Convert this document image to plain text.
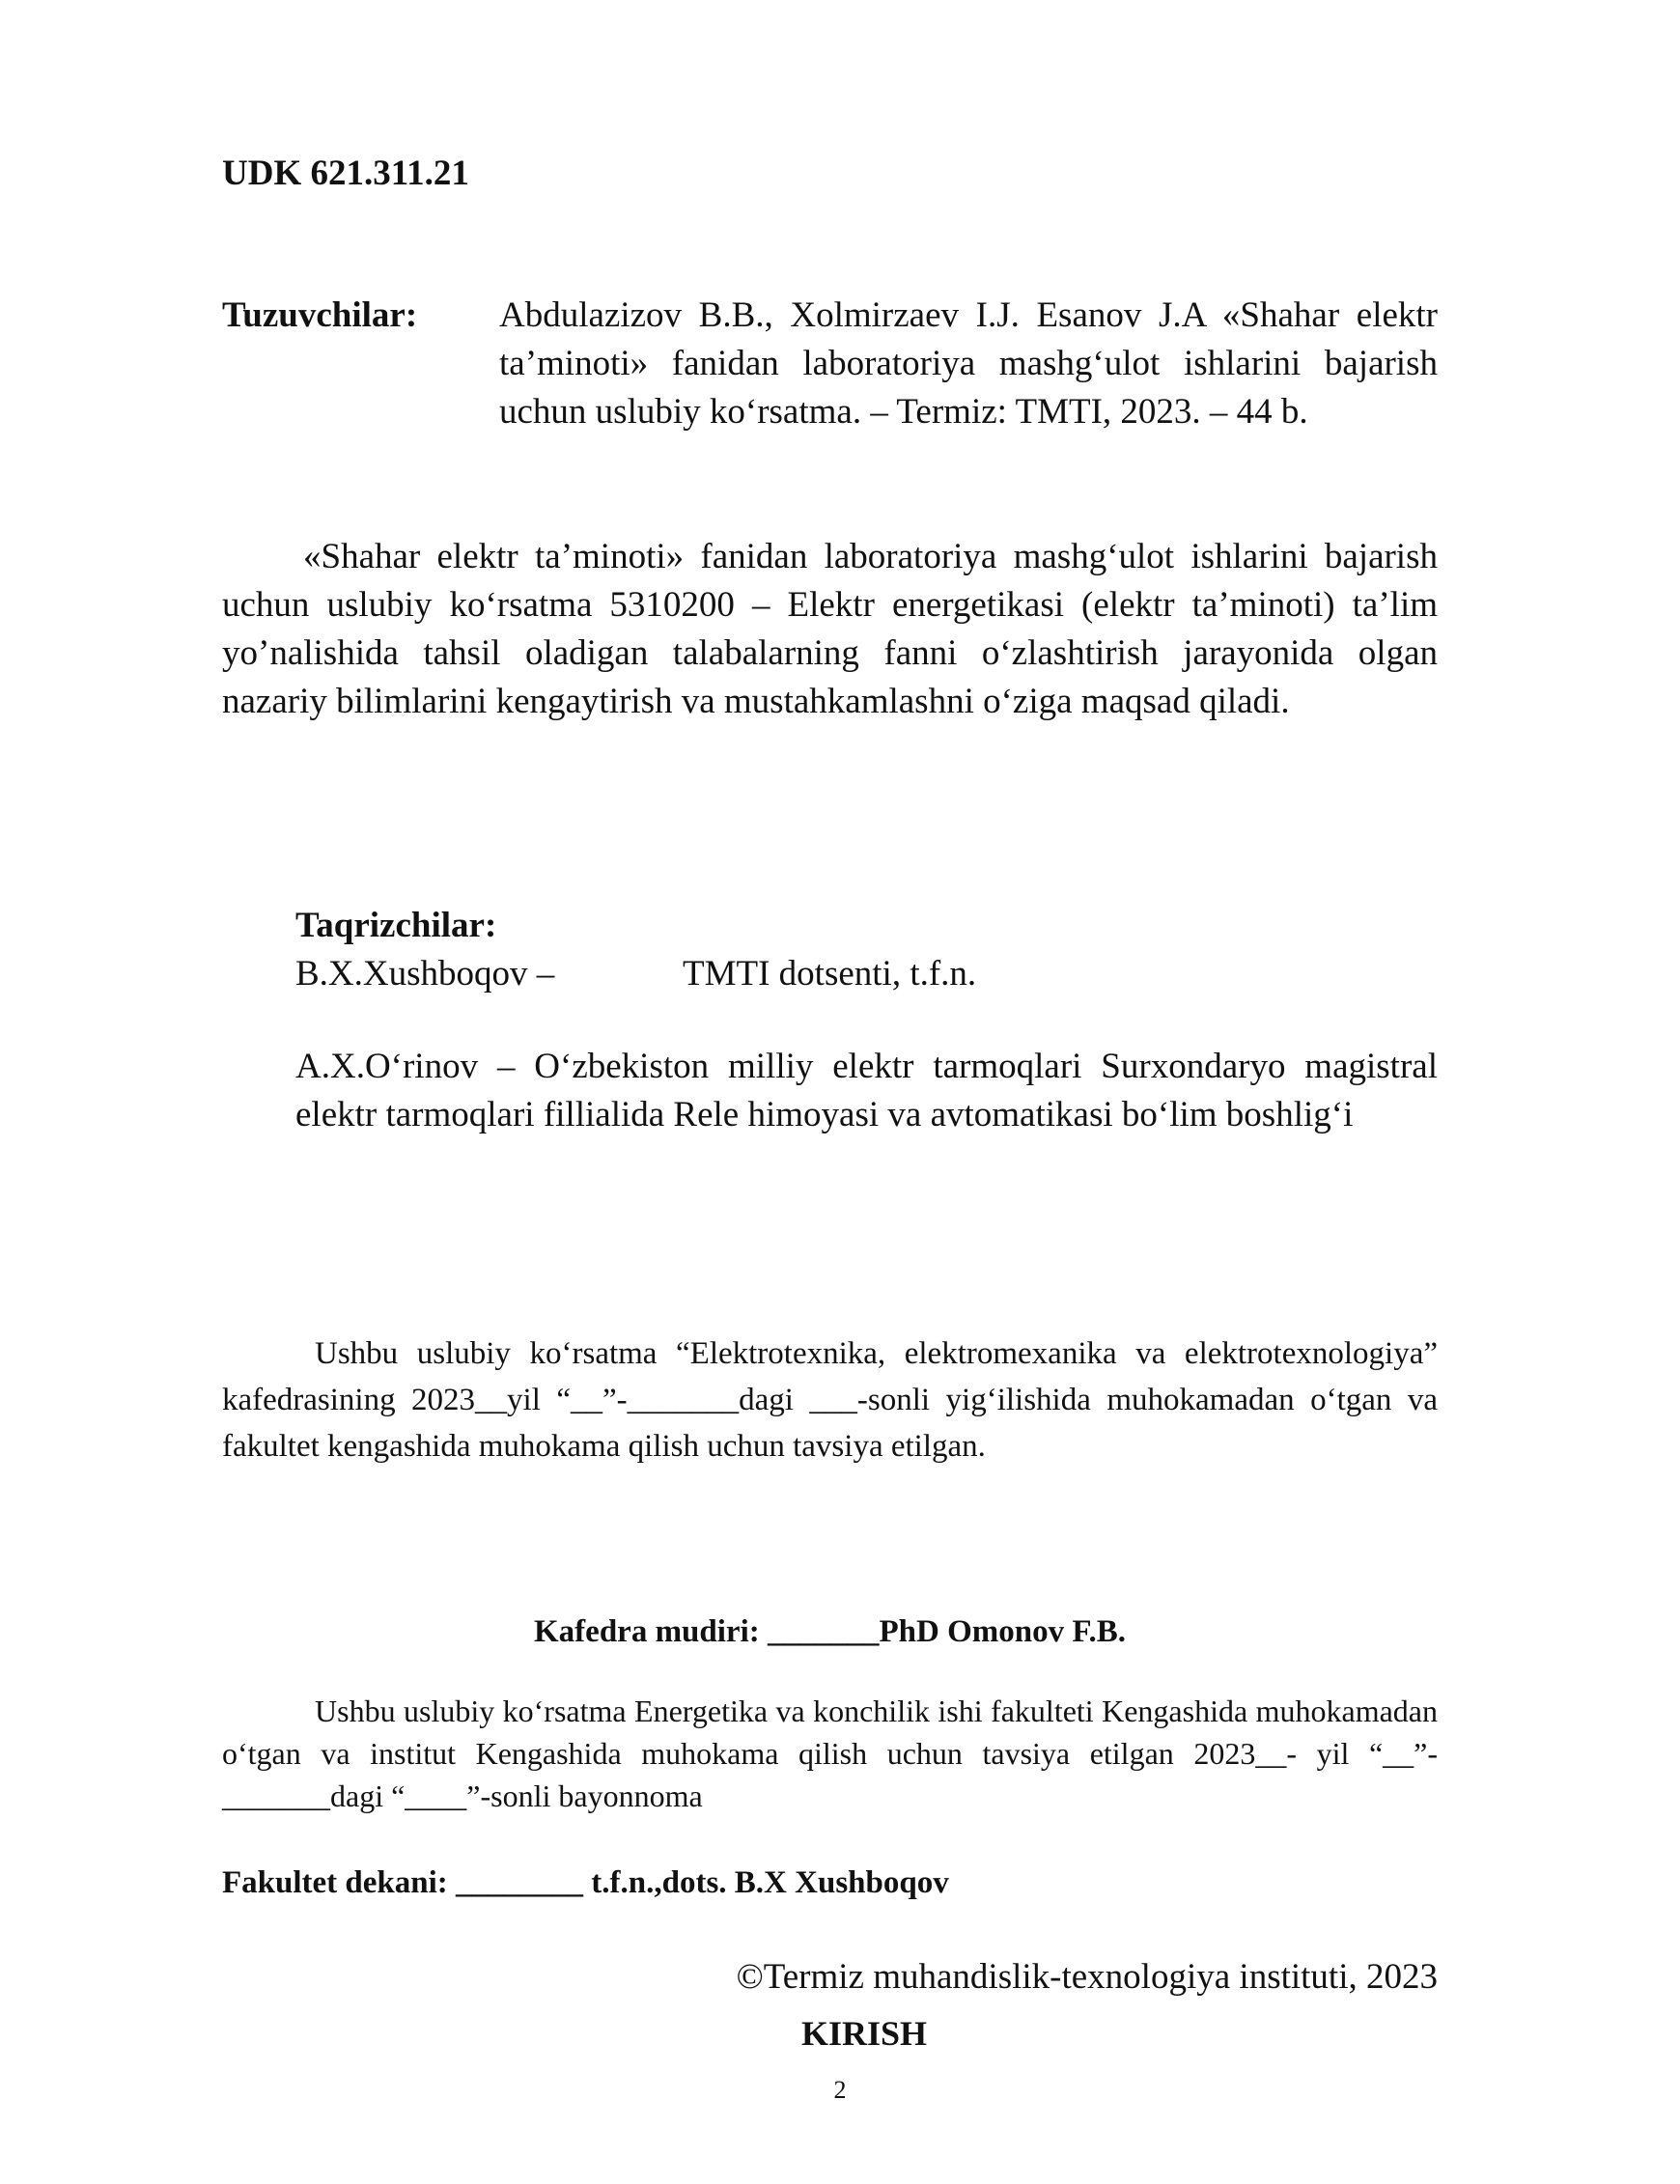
UDK 621.311.21
Tuzuvchilar: Abdulazizov B.B., Xolmirzaev I.J. Esanov J.A «Shahar elektr ta’minoti» fanidan laboratoriya mashg‘ulot ishlarini bajarish uchun uslubiy ko‘rsatma. – Termiz: TMTI, 2023. – 44 b.
«Shahar elektr ta’minoti» fanidan laboratoriya mashg‘ulot ishlarini bajarish uchun uslubiy ko‘rsatma 5310200 – Elektr energetikasi (elektr ta’minoti) ta’lim yo’nalishida tahsil oladigan talabalarning fanni o‘zlashtirish jarayonida olgan nazariy bilimlarini kengaytirish va mustahkamlashni o‘ziga maqsad qiladi.
Taqrizchilar:
B.X.Xushboqov –	TMTI dotsenti, t.f.n.
A.X.O‘rinov – O‘zbekiston milliy elektr tarmoqlari Surxondaryo magistral elektr tarmoqlari fillialida Rele himoyasi va avtomatikasi bo‘lim boshlig‘i
Ushbu uslubiy ko‘rsatma “Elektrotexnika, elektromexanika va elektrotexnologiya” kafedrasining 2023__yil “__”-_______dagi ___-sonli yig‘ilishida muhokamadan o‘tgan va fakultet kengashida muhokama qilish uchun tavsiya etilgan.
Kafedra mudiri: _______PhD Omonov F.B.
Ushbu uslubiy ko‘rsatma Energetika va konchilik ishi fakulteti Kengashida muhokamadan o‘tgan va institut Kengashida muhokama qilish uchun tavsiya etilgan 2023__- yil “__”-_______dagi “____”-sonli bayonnoma
Fakultet dekani: ________ t.f.n.,dots. B.X Xushboqov
©Termiz muhandislik-texnologiya instituti, 2023
KIRISH
2
